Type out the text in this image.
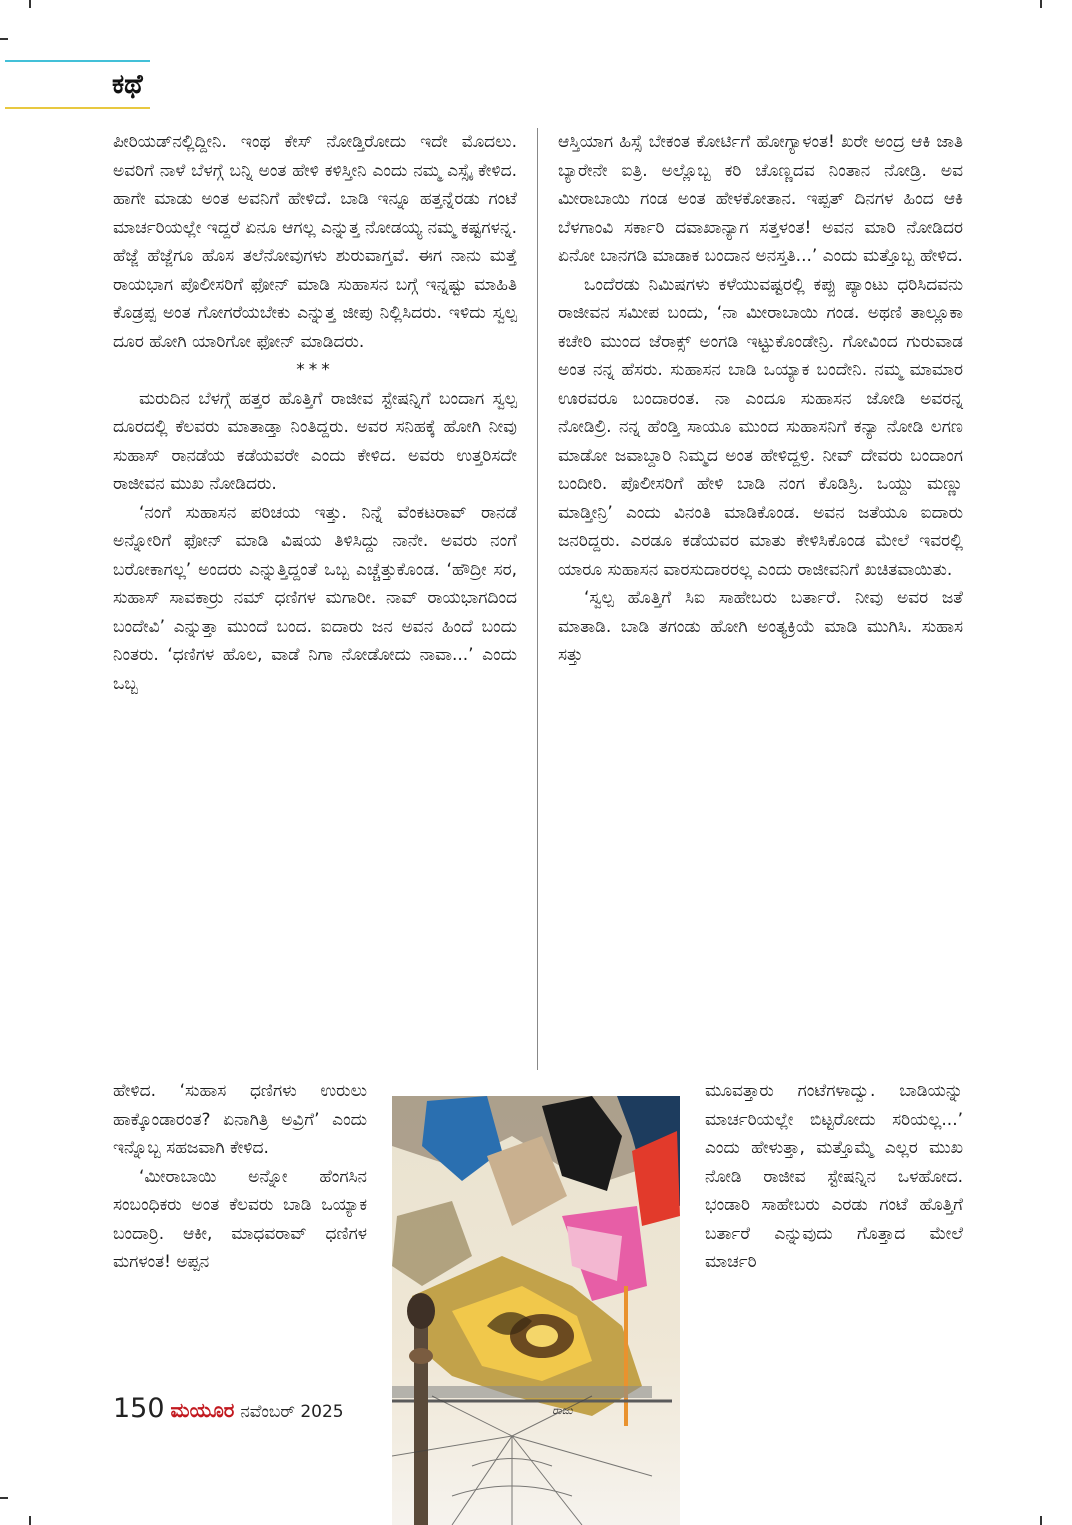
ಕಥೆ

ಪೀರಿಯಡ್‌ನಲ್ಲಿದ್ದೀನಿ. ಇಂಥ ಕೇಸ್ ನೋಡ್ತಿರೋದು ಇದೇ ಮೊದಲು. ಅವರಿಗೆ ನಾಳೆ ಬೆಳಗ್ಗೆ ಬನ್ನಿ ಅಂತ ಹೇಳಿ ಕಳಿಸ್ತೀನಿ ಎಂದು ನಮ್ಮ ಎಸ್ಸೈ ಕೇಳಿದ. ಹಾಗೇ ಮಾಡು ಅಂತ ಅವನಿಗೆ ಹೇಳಿದೆ. ಬಾಡಿ ಇನ್ನೂ ಹತ್ತನ್ನೆರಡು ಗಂಟೆ ಮಾರ್ಚರಿಯಲ್ಲೇ ಇದ್ದರೆ ಏನೂ ಆಗಲ್ಲ ಎನ್ನುತ್ತ ನೋಡಯ್ಯ ನಮ್ಮ ಕಷ್ಟಗಳನ್ನ. ಹೆಜ್ಜೆ ಹೆಜ್ಜೆಗೂ ಹೊಸ ತಲೆನೋವುಗಳು ಶುರುವಾಗ್ತವೆ. ಈಗ ನಾನು ಮತ್ತೆ ರಾಯಭಾಗ ಪೊಲೀಸರಿಗೆ ಫೋನ್ ಮಾಡಿ ಸುಹಾಸನ ಬಗ್ಗೆ ಇನ್ನಷ್ಟು ಮಾಹಿತಿ ಕೊಡ್ರಪ್ಪ ಅಂತ ಗೋಗರೆಯಬೇಕು ಎನ್ನುತ್ತ ಜೀಪು ನಿಲ್ಲಿಸಿದರು. ಇಳಿದು ಸ್ವಲ್ಪ ದೂರ ಹೋಗಿ ಯಾರಿಗೋ ಫೋನ್ ಮಾಡಿದರು.

***

ಮರುದಿನ ಬೆಳಗ್ಗೆ ಹತ್ತರ ಹೊತ್ತಿಗೆ ರಾಜೀವ ಸ್ಟೇಷನ್ನಿಗೆ ಬಂದಾಗ ಸ್ವಲ್ಪ ದೂರದಲ್ಲಿ ಕೆಲವರು ಮಾತಾಡ್ತಾ ನಿಂತಿದ್ದರು. ಅವರ ಸನಿಹಕ್ಕೆ ಹೋಗಿ ನೀವು ಸುಹಾಸ್ ರಾನಡೆಯ ಕಡೆಯವರೇ ಎಂದು ಕೇಳಿದ. ಅವರು ಉತ್ತರಿಸದೇ ರಾಜೀವನ ಮುಖ ನೋಡಿದರು.

‘ನಂಗೆ ಸುಹಾಸನ ಪರಿಚಯ ಇತ್ತು. ನಿನ್ನೆ ವೆಂಕಟರಾವ್ ರಾನಡೆ ಅನ್ನೋರಿಗೆ ಫೋನ್ ಮಾಡಿ ವಿಷಯ ತಿಳಿಸಿದ್ದು ನಾನೇ. ಅವರು ನಂಗೆ ಬರೋಕಾಗಲ್ಲ’ ಅಂದರು ಎನ್ನುತ್ತಿದ್ದಂತೆ ಒಬ್ಬ ಎಚ್ಚೆತ್ತುಕೊಂಡ. ‘ಹೌದ್ರೀ ಸರ, ಸುಹಾಸ್ ಸಾವಕಾರ್‍ರು ನಮ್ ಧಣಿಗಳ ಮಗಾರೀ. ನಾವ್ ರಾಯಭಾಗದಿಂದ ಬಂದೇವಿ’ ಎನ್ನುತ್ತಾ ಮುಂದೆ ಬಂದ. ಐದಾರು ಜನ ಅವನ ಹಿಂದೆ ಬಂದು ನಿಂತರು. ‘ಧಣಿಗಳ ಹೊಲ, ವಾಡೆ ನಿಗಾ ನೋಡೋದು ನಾವಾ...’ ಎಂದು ಒಬ್ಬ

ಆಸ್ತಿಯಾಗ ಹಿಸ್ಸೆ ಬೇಕಂತ ಕೋರ್ಟಿಗೆ ಹೋಗ್ಯಾಳಂತ! ಖರೇ ಅಂದ್ರ ಆಕಿ ಜಾತಿ ಬ್ಯಾರೇನೇ ಐತ್ರಿ. ಅಲ್ಲೊಬ್ಬ ಕರಿ ಚೊಣ್ಣದವ ನಿಂತಾನ ನೋಡ್ರಿ. ಅವ ಮೀರಾಬಾಯಿ ಗಂಡ ಅಂತ ಹೇಳಕೋತಾನ. ಇಪ್ಪತ್ ದಿನಗಳ ಹಿಂದ ಆಕಿ ಬೆಳಗಾಂವಿ ಸರ್ಕಾರಿ ದವಾಖಾನ್ಯಾಗ ಸತ್ತಳಂತ! ಅವನ ಮಾರಿ ನೋಡಿದರ ಏನೋ ಬಾನಗಡಿ ಮಾಡಾಕ ಬಂದಾನ ಅನಸ್ತತಿ...’ ಎಂದು ಮತ್ತೊಬ್ಬ ಹೇಳಿದ.

ಒಂದೆರಡು ನಿಮಿಷಗಳು ಕಳೆಯುವಷ್ಟರಲ್ಲಿ ಕಪ್ಪು ಪ್ಯಾಂಟು ಧರಿಸಿದವನು ರಾಜೀವನ ಸಮೀಪ ಬಂದು, ‘ನಾ ಮೀರಾಬಾಯಿ ಗಂಡ. ಅಥಣಿ ತಾಲ್ಲೂಕಾ ಕಚೇರಿ ಮುಂದ ಜೆರಾಕ್ಸ್ ಅಂಗಡಿ ಇಟ್ಟುಕೊಂಡೇನ್ರಿ. ಗೋವಿಂದ ಗುರುವಾಡ ಅಂತ ನನ್ನ ಹೆಸರು. ಸುಹಾಸನ ಬಾಡಿ ಒಯ್ಯಾಕ ಬಂದೇನಿ. ನಮ್ಮ ಮಾಮಾರ ಊರವರೂ ಬಂದಾರಂತ. ನಾ ಎಂದೂ ಸುಹಾಸನ ಜೋಡಿ ಅವರನ್ನ ನೋಡಿಲ್ರಿ. ನನ್ನ ಹೆಂಡ್ತಿ ಸಾಯೂ ಮುಂದ ಸುಹಾಸನಿಗೆ ಕನ್ಯಾ ನೋಡಿ ಲಗಣ ಮಾಡೋ ಜವಾಬ್ದಾರಿ ನಿಮ್ಮದ ಅಂತ ಹೇಳಿದ್ದಳ್ರಿ. ನೀವ್ ದೇವರು ಬಂದಾಂಗ ಬಂದೀರಿ. ಪೊಲೀಸರಿಗೆ ಹೇಳಿ ಬಾಡಿ ನಂಗ ಕೊಡಿಸ್ರಿ. ಒಯ್ದು ಮಣ್ಣು ಮಾಡ್ತೀನ್ರಿ’ ಎಂದು ವಿನಂತಿ ಮಾಡಿಕೊಂಡ. ಅವನ ಜತೆಯೂ ಐದಾರು ಜನರಿದ್ದರು. ಎರಡೂ ಕಡೆಯವರ ಮಾತು ಕೇಳಿಸಿಕೊಂಡ ಮೇಲೆ ಇವರಲ್ಲಿ ಯಾರೂ ಸುಹಾಸನ ವಾರಸುದಾರರಲ್ಲ ಎಂದು ರಾಜೀವನಿಗೆ ಖಚಿತವಾಯಿತು.

‘ಸ್ವಲ್ಪ ಹೊತ್ತಿಗೆ ಸಿಐ ಸಾಹೇಬರು ಬರ್ತಾರೆ. ನೀವು ಅವರ ಜತೆ ಮಾತಾಡಿ. ಬಾಡಿ ತಗಂಡು ಹೋಗಿ ಅಂತ್ಯಕ್ರಿಯೆ ಮಾಡಿ ಮುಗಿಸಿ. ಸುಹಾಸ ಸತ್ತು

ಹೇಳಿದ. ‘ಸುಹಾಸ ಧಣಿಗಳು ಉರುಲು ಹಾಕ್ಕೊಂಡಾರಂತ? ಏನಾಗಿತ್ರಿ ಅವ್ರಿಗೆ’ ಎಂದು ಇನ್ನೊಬ್ಬ ಸಹಜವಾಗಿ ಕೇಳಿದ.

‘ಮೀರಾಬಾಯಿ ಅನ್ನೋ ಹೆಂಗಸಿನ ಸಂಬಂಧಿಕರು ಅಂತ ಕೆಲವರು ಬಾಡಿ ಒಯ್ಯಾಕ ಬಂದಾರ್‍ರಿ. ಆಕೀ, ಮಾಧವರಾವ್ ಧಣಿಗಳ ಮಗಳಂತ! ಅಪ್ಪನ

ಮೂವತ್ತಾರು ಗಂಟೆಗಳಾದ್ವು. ಬಾಡಿಯನ್ನು ಮಾರ್ಚರಿಯಲ್ಲೇ ಬಿಟ್ಟರೋದು ಸರಿಯಲ್ಲ...’ ಎಂದು ಹೇಳುತ್ತಾ, ಮತ್ತೊಮ್ಮೆ ಎಲ್ಲರ ಮುಖ ನೋಡಿ ರಾಜೀವ ಸ್ಟೇಷನ್ನಿನ ಒಳಹೋದ. ಭಂಡಾರಿ ಸಾಹೇಬರು ಎರಡು ಗಂಟೆ ಹೊತ್ತಿಗೆ ಬರ್ತಾರೆ ಎನ್ನುವುದು ಗೊತ್ತಾದ ಮೇಲೆ ಮಾರ್ಚರಿ

ರಾಜು
150 ಮಯೂರ ನವೆಂಬರ್ 2025
